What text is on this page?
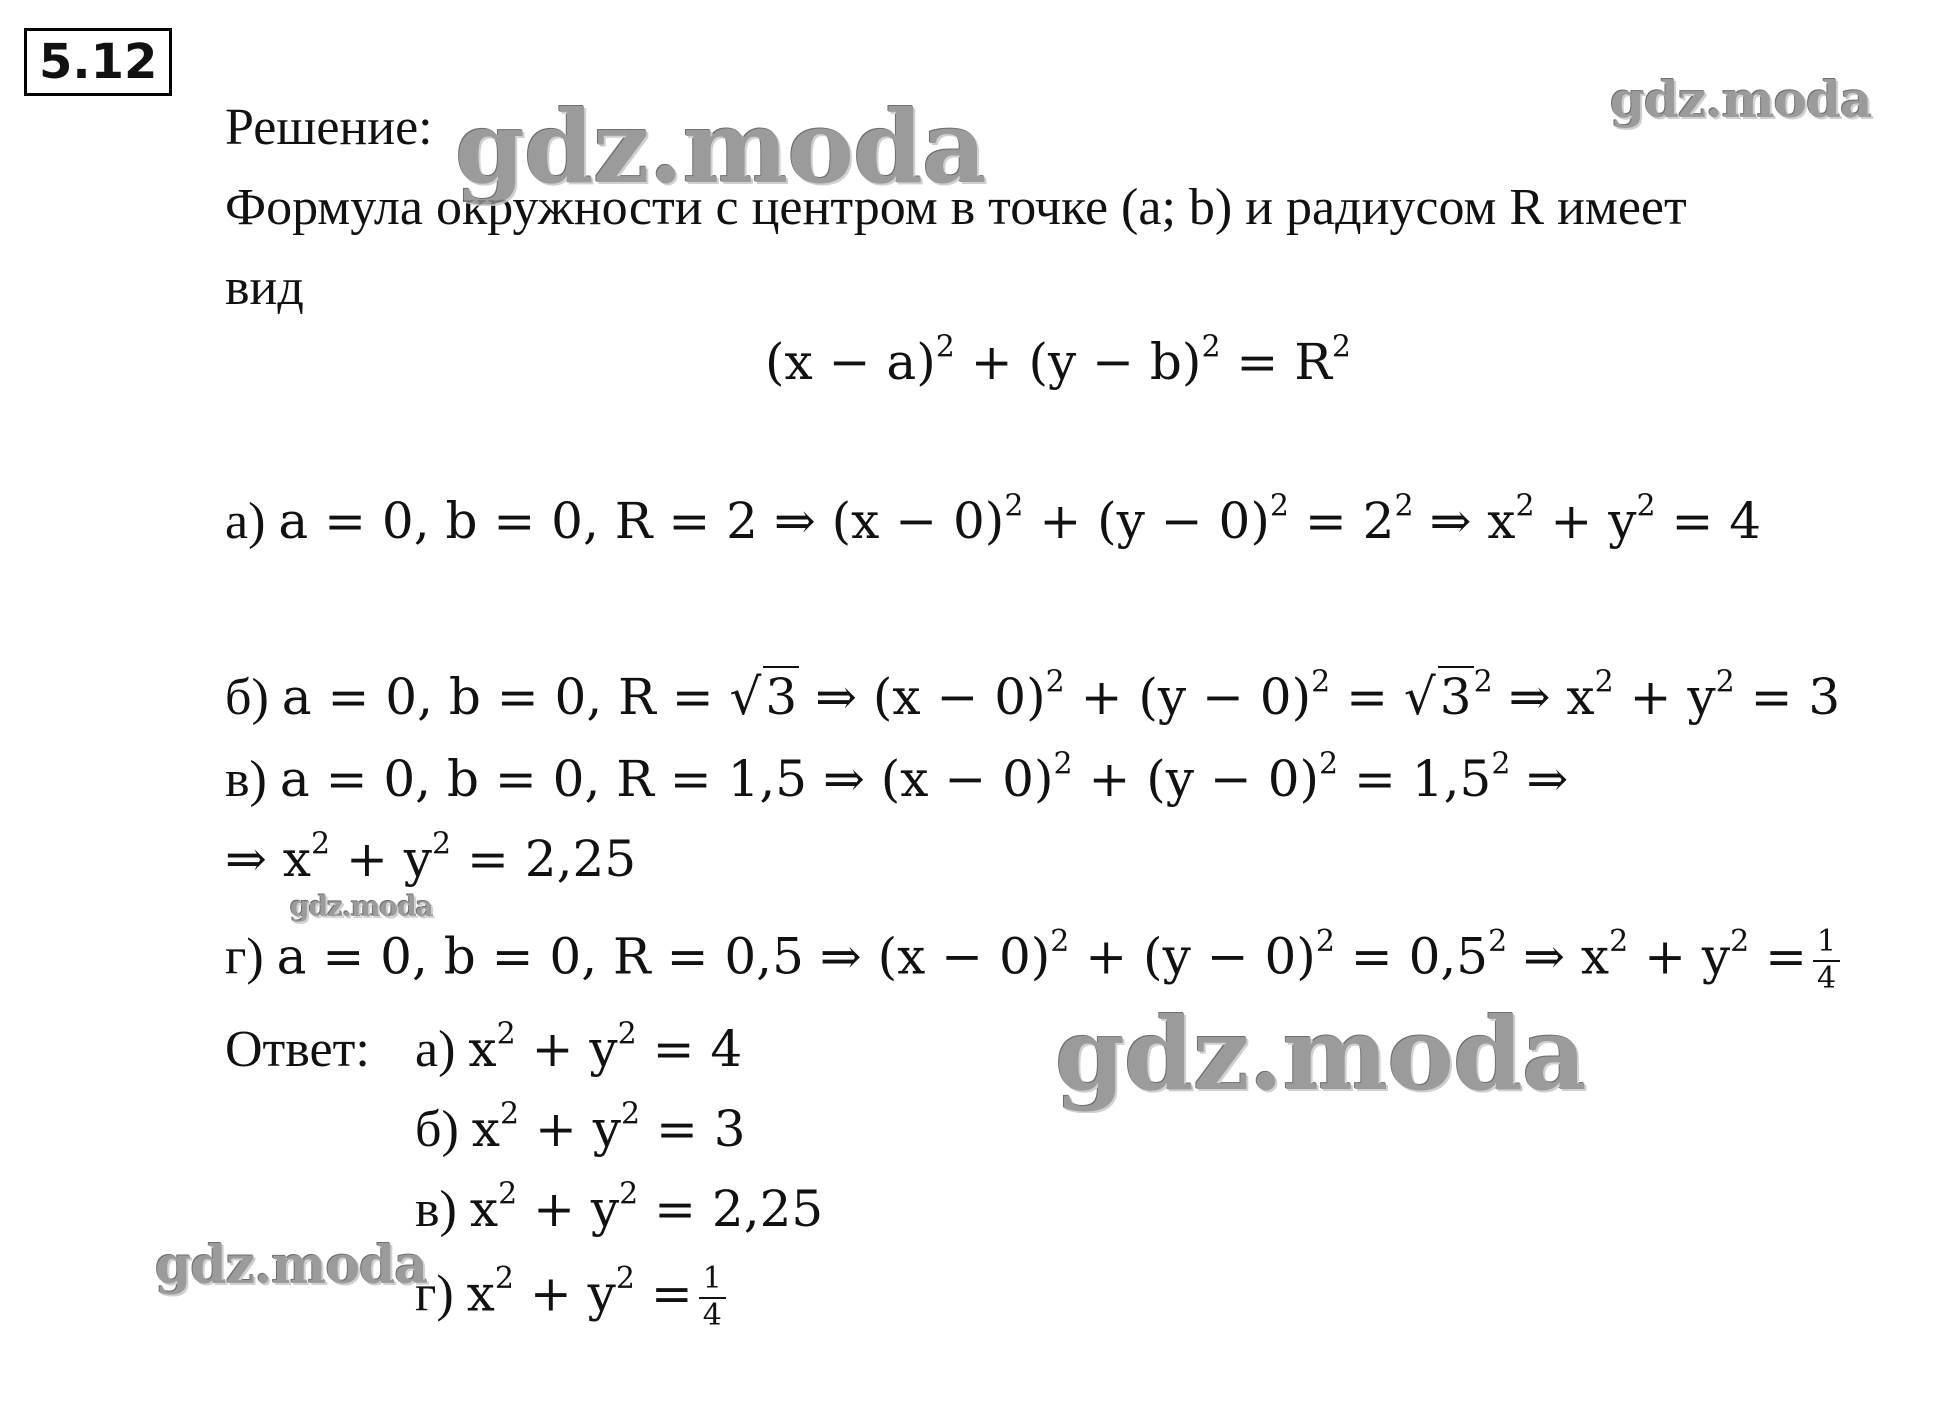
5.12
Решение:
Формула окружности с центром в точке (a; b) и радиусом R имеет
вид
$(x - a)^2 + (y - b)^2 = R^2$
а) a = 0, b = 0, R = 2 ⇒ $(x - 0)^2 + (y - 0)^2 = 2^2$ ⇒ $x^2 + y^2 = 4$
б) a = 0, b = 0, R = √3 ⇒ $(x - 0)^2 + (y - 0)^2 = √3^2$ ⇒ $x^2 + y^2 = 3$
в) a = 0, b = 0, R = 1,5 ⇒ $(x - 0)^2 + (y - 0)^2 = 1,5^2$ ⇒
⇒ $x^2 + y^2 = 2,25$
г) a = 0, b = 0, R = 0,5 ⇒ $(x - 0)^2 + (y - 0)^2 = 0,5^2$ ⇒ $x^2 + y^2 = \frac{1}{4}$
Ответ: а) $x^2 + y^2 = 4$
б) $x^2 + y^2 = 3$
в) $x^2 + y^2 = 2,25$
г) $x^2 + y^2 = \frac{1}{4}$
gdz.moda	gdz.moda
gdz.moda
gdz.moda
gdz.moda
